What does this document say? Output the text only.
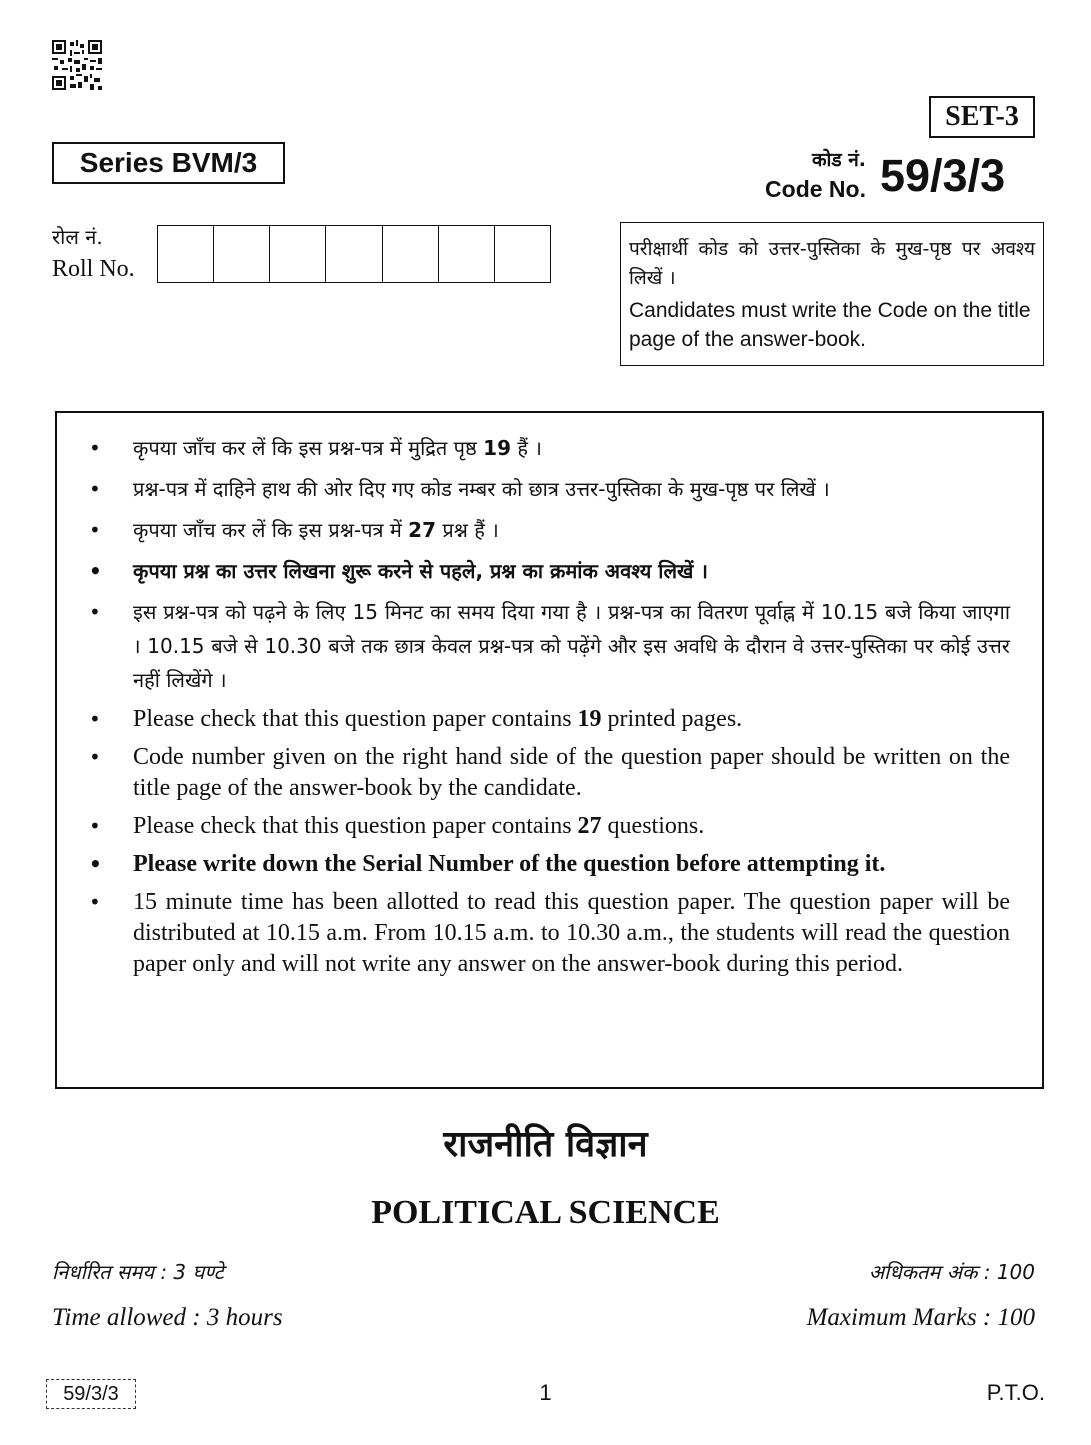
SET-3
Series BVM/3	कोड नं.
Code No. 59/3/3
रोल नं.
Roll No.
परीक्षार्थी कोड को उत्तर-पुस्तिका के मुख-पृष्ठ पर अवश्य लिखें ।
Candidates must write the Code on the title page of the answer-book.
• कृपया जाँच कर लें कि इस प्रश्न-पत्र में मुद्रित पृष्ठ 19 हैं ।
• प्रश्न-पत्र में दाहिने हाथ की ओर दिए गए कोड नम्बर को छात्र उत्तर-पुस्तिका के मुख-पृष्ठ पर लिखें ।
• कृपया जाँच कर लें कि इस प्रश्न-पत्र में 27 प्रश्न हैं ।
• कृपया प्रश्न का उत्तर लिखना शुरू करने से पहले, प्रश्न का क्रमांक अवश्य लिखें ।
• इस प्रश्न-पत्र को पढ़ने के लिए 15 मिनट का समय दिया गया है । प्रश्न-पत्र का वितरण पूर्वाह्न में 10.15 बजे किया जाएगा । 10.15 बजे से 10.30 बजे तक छात्र केवल प्रश्न-पत्र को पढ़ेंगे और इस अवधि के दौरान वे उत्तर-पुस्तिका पर कोई उत्तर नहीं लिखेंगे ।
• Please check that this question paper contains 19 printed pages.
• Code number given on the right hand side of the question paper should be written on the title page of the answer-book by the candidate.
• Please check that this question paper contains 27 questions.
• Please write down the Serial Number of the question before attempting it.
• 15 minute time has been allotted to read this question paper. The question paper will be distributed at 10.15 a.m. From 10.15 a.m. to 10.30 a.m., the students will read the question paper only and will not write any answer on the answer-book during this period.
राजनीति विज्ञान
POLITICAL SCIENCE
निर्धारित समय : 3 घण्टे
Time allowed : 3 hours
अधिकतम अंक : 100
Maximum Marks : 100
59/3/3	1	P.T.O.
